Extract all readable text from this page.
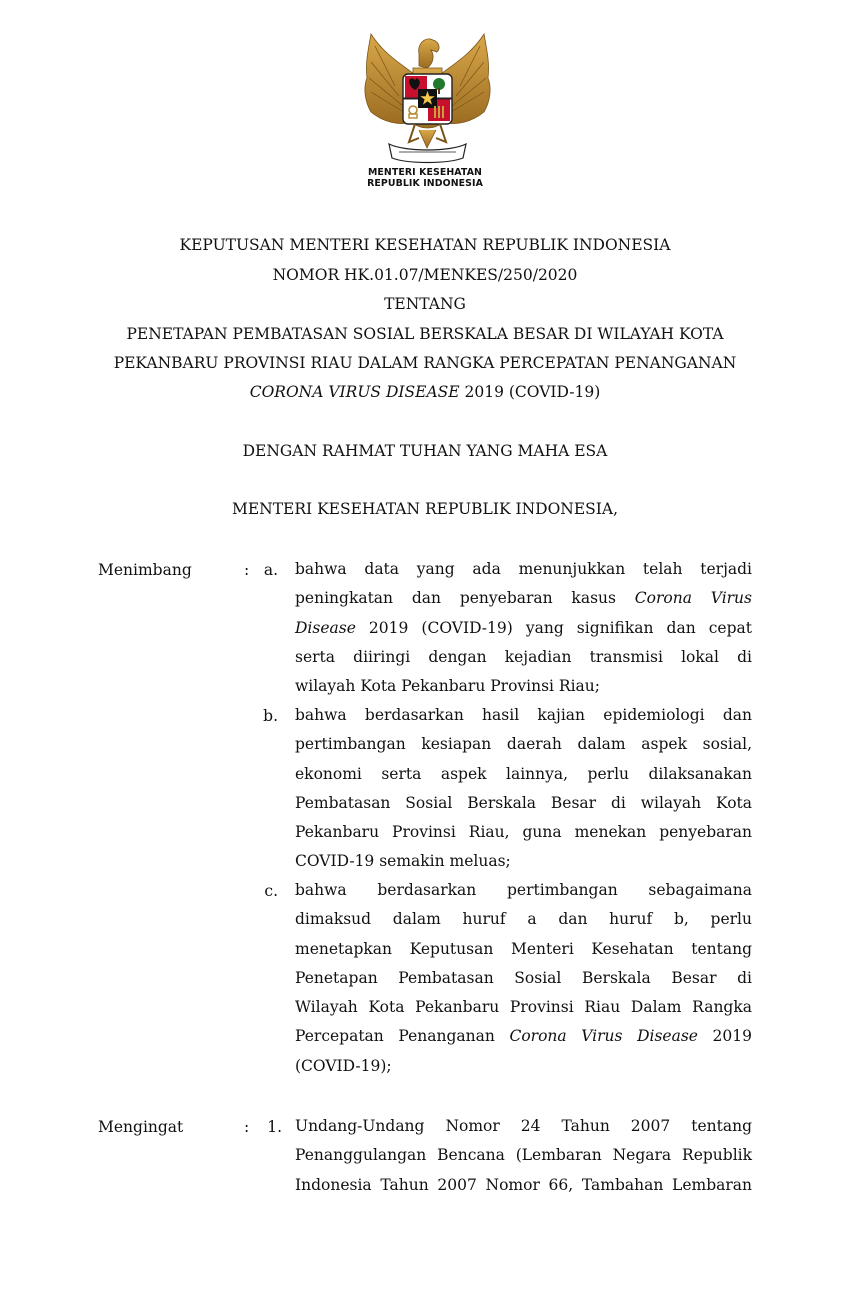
MENTERI KESEHATAN
REPUBLIK INDONESIA
KEPUTUSAN MENTERI KESEHATAN REPUBLIK INDONESIA
NOMOR HK.01.07/MENKES/250/2020
TENTANG
PENETAPAN PEMBATASAN SOSIAL BERSKALA BESAR DI WILAYAH KOTA
PEKANBARU PROVINSI RIAU DALAM RANGKA PERCEPATAN PENANGANAN
CORONA VIRUS DISEASE 2019 (COVID-19)
DENGAN RAHMAT TUHAN YANG MAHA ESA
MENTERI KESEHATAN REPUBLIK INDONESIA,
Menimbang	: a. bahwa data yang ada menunjukkan telah terjadi
peningkatan dan penyebaran kasus Corona Virus
Disease 2019 (COVID-19) yang signifikan dan cepat
serta diiringi dengan kejadian transmisi lokal di
wilayah Kota Pekanbaru Provinsi Riau;
b. bahwa berdasarkan hasil kajian epidemiologi dan
pertimbangan kesiapan daerah dalam aspek sosial,
ekonomi serta aspek lainnya, perlu dilaksanakan
Pembatasan Sosial Berskala Besar di wilayah Kota
Pekanbaru Provinsi Riau, guna menekan penyebaran
COVID-19 semakin meluas;
c. bahwa berdasarkan pertimbangan sebagaimana
dimaksud dalam huruf a dan huruf b, perlu
menetapkan Keputusan Menteri Kesehatan tentang
Penetapan Pembatasan Sosial Berskala Besar di
Wilayah Kota Pekanbaru Provinsi Riau Dalam Rangka
Percepatan Penanganan Corona Virus Disease 2019
(COVID-19);
Mengingat	:	1. Undang-Undang Nomor 24 Tahun 2007 tentang
Penanggulangan Bencana (Lembaran Negara Republik
Indonesia Tahun 2007 Nomor 66, Tambahan Lembaran
